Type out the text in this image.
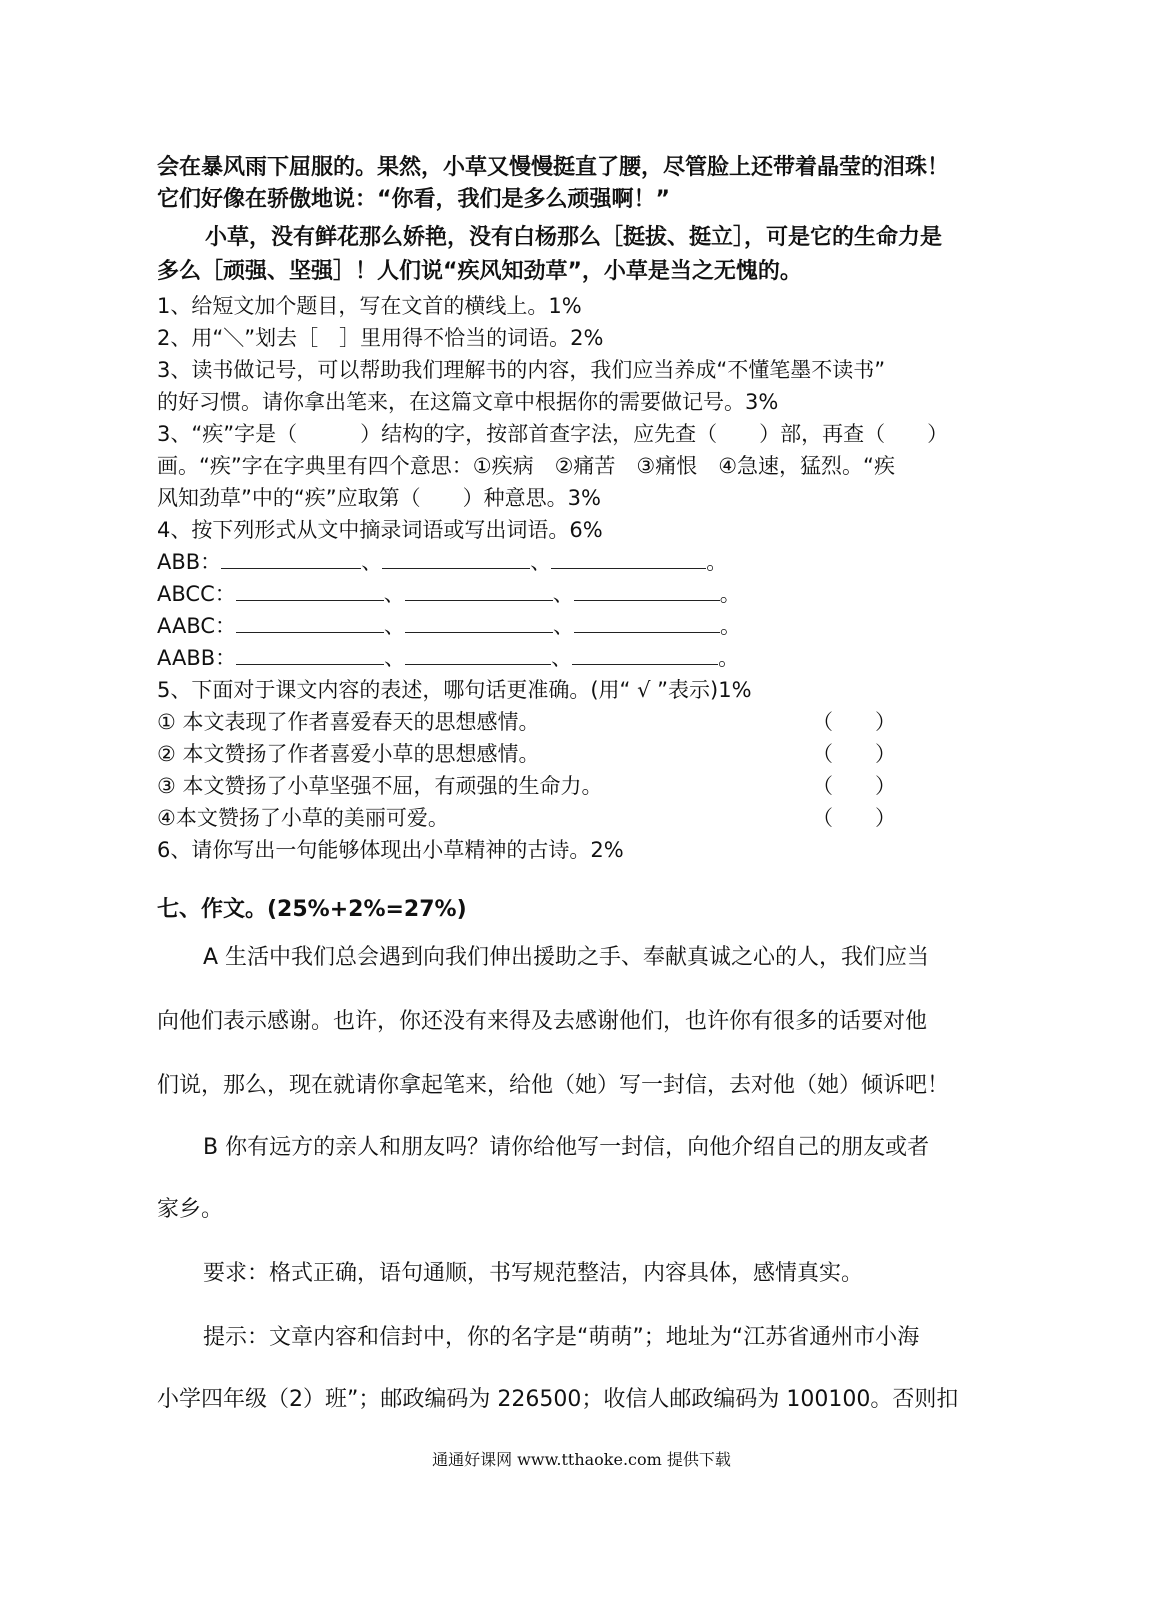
会在暴风雨下屈服的。果然，小草又慢慢挺直了腰，尽管脸上还带着晶莹的泪珠！
它们好像在骄傲地说：“你看，我们是多么顽强啊！”
小草，没有鲜花那么娇艳，没有白杨那么［挺拔、挺立］，可是它的生命力是
多么［顽强、坚强］！人们说“疾风知劲草”，小草是当之无愧的。
1、给短文加个题目，写在文首的横线上。1%
2、用“＼”划去［　］里用得不恰当的词语。2%
3、读书做记号，可以帮助我们理解书的内容，我们应当养成“不懂笔墨不读书”
的好习惯。请你拿出笔来，在这篇文章中根据你的需要做记号。3%
3、“疾”字是（　　　）结构的字，按部首查字法，应先查（　　）部，再查（　　）
画。“疾”字在字典里有四个意思：①疾病　②痛苦　③痛恨　④急速，猛烈。“疾
风知劲草”中的“疾”应取第（　　）种意思。3%
4、按下列形式从文中摘录词语或写出词语。6%
ABB：	、	、	。
ABCC：	、	、	。
AABC：	、	、	。
AABB：	、	、	。
5、下面对于课文内容的表述，哪句话更准确。(用“ √ ”表示)1%
① 本文表现了作者喜爱春天的思想感情。	（　　）
② 本文赞扬了作者喜爱小草的思想感情。	（　　）
③ 本文赞扬了小草坚强不屈，有顽强的生命力。	（　　）
④本文赞扬了小草的美丽可爱。	（　　）
6、请你写出一句能够体现出小草精神的古诗。2%
七、作文。(25%+2%=27%)
A 生活中我们总会遇到向我们伸出援助之手、奉献真诚之心的人，我们应当
向他们表示感谢。也许，你还没有来得及去感谢他们，也许你有很多的话要对他
们说，那么，现在就请你拿起笔来，给他（她）写一封信，去对他（她）倾诉吧！
B 你有远方的亲人和朋友吗？请你给他写一封信，向他介绍自己的朋友或者
家乡。
要求：格式正确，语句通顺，书写规范整洁，内容具体，感情真实。
提示：文章内容和信封中，你的名字是“萌萌”；地址为“江苏省通州市小海
小学四年级（2）班”；邮政编码为 226500；收信人邮政编码为 100100。否则扣
通通好课网 www.tthaoke.com 提供下载
